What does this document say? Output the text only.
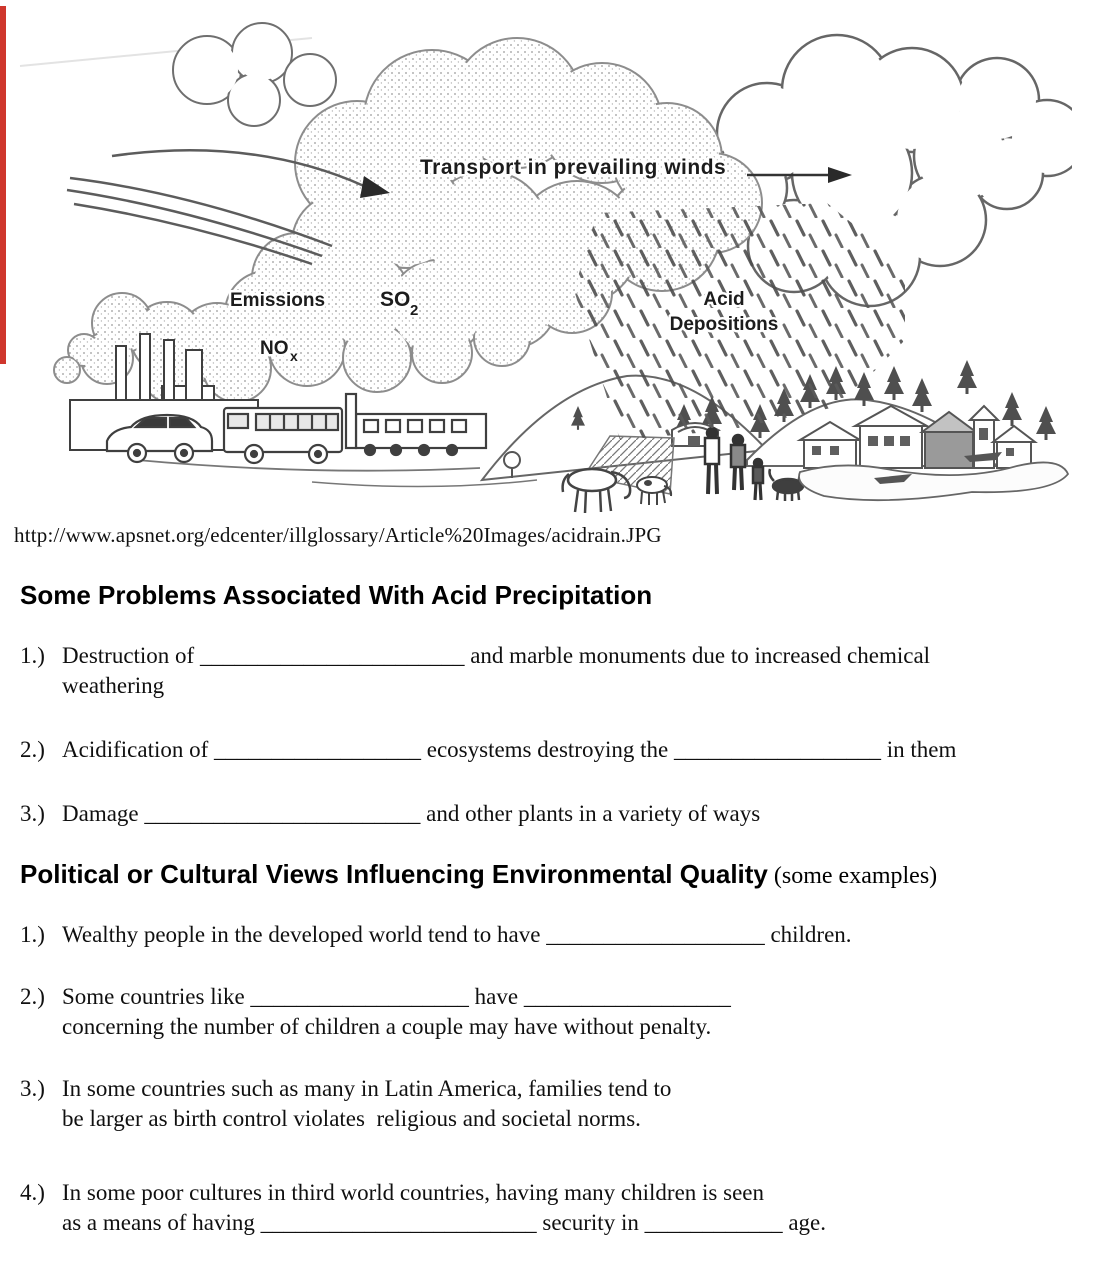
Transport in prevailing winds
Emissions	SO 2
NO x
Acid
Depositions
http://www.apsnet.org/edcenter/illglossary/Article%20Images/acidrain.JPG
Some Problems Associated With Acid Precipitation
1.) Destruction of _______________________ and marble monuments due to increased chemical
weathering
2.) Acidification of __________________ ecosystems destroying the __________________ in them
3.) Damage ________________________ and other plants in a variety of ways
Political or Cultural Views Influencing Environmental Quality (some examples)
1.) Wealthy people in the developed world tend to have ___________________ children.
2.) Some countries like ___________________ have __________________
concerning the number of children a couple may have without penalty.
3.) In some countries such as many in Latin America, families tend to
be larger as birth control violates  religious and societal norms.
4.) In some poor cultures in third world countries, having many children is seen
as a means of having ________________________ security in ____________ age.
